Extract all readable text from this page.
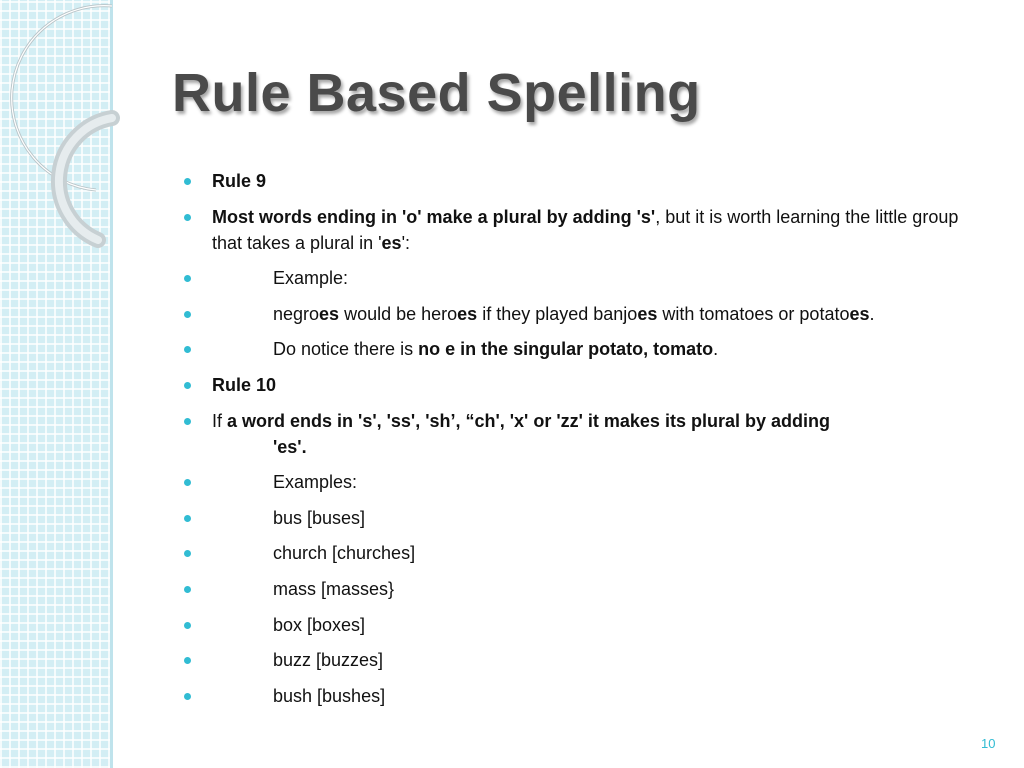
Rule Based Spelling
Rule 9
Most words ending in 'o' make a plural by adding 's', but it is worth learning the little group that takes a plural in 'es':
Example:
negroes would be heroes if they played banjoes with tomatoes or potatoes.
Do notice there is no e in the singular potato, tomato.
Rule 10
If a word ends in 's', 'ss', 'sh’, “ch', 'x' or 'zz' it makes its plural by adding
'es'.
Examples:
bus [buses]
church [churches]
mass [masses}
box [boxes]
buzz [buzzes]
bush [bushes]
10
